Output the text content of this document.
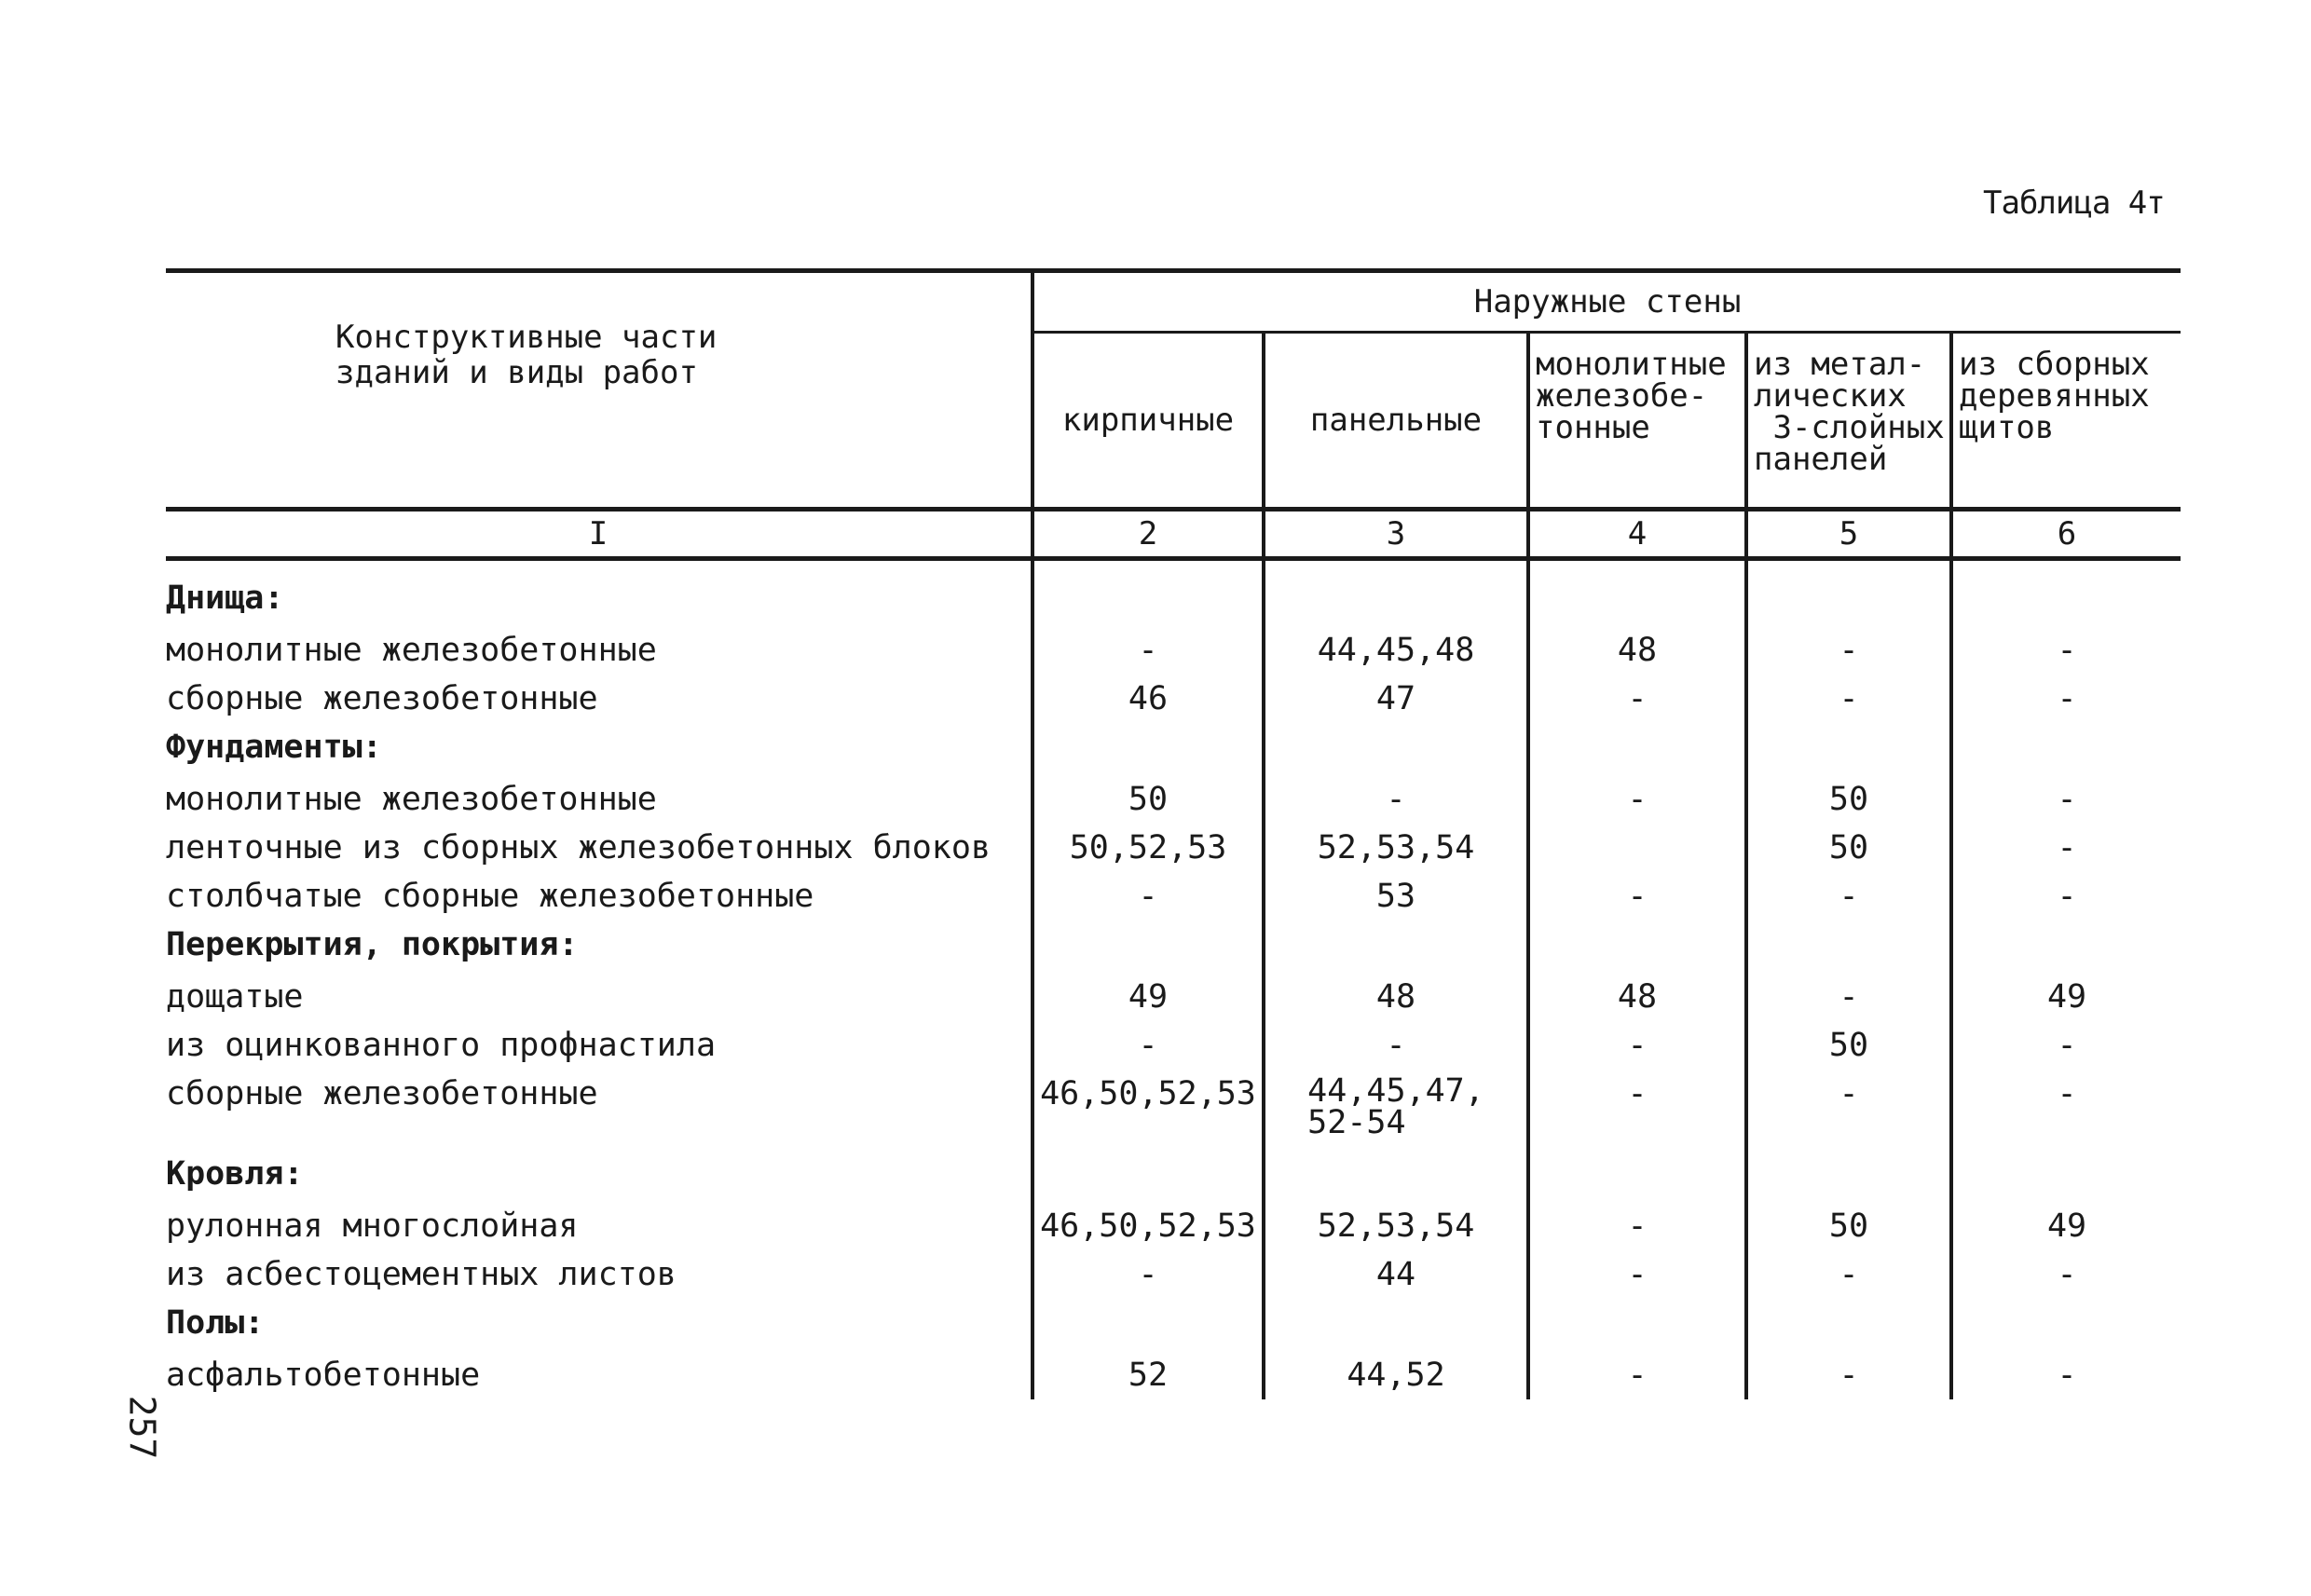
Таблица 4т
257
Конструктивные части
зданий и виды работ	Наружные стены				
	кирпичные	панельные	монолитные
железобе-
тонные	из метал-
лических
3-слойных
панелей	из сборных
деревянных
щитов
I	2	3	4	5	6

Днища:					
монолитные железобетонные	-	44,45,48	48	-	-
сборные железобетонные	46	47	-	-	-
Фундаменты:					
монолитные железобетонные	50	-	-	50	-
ленточные из сборных железобетонных блоков	50,52,53	52,53,54		50	-
столбчатые сборные железобетонные	-	53	-	-	-
Перекрытия, покрытия:					
дощатые	49	48	48	-	49
из оцинкованного профнастила	-	-	-	50	-
сборные железобетонные	46,50,52,53	44,45,47,
52-54	-	-	-
Кровля:					
рулонная многослойная	46,50,52,53	52,53,54	-	50	49
из асбестоцементных листов	-	44	-	-	-
Полы:					
асфальтобетонные	52	44,52	-	-	-
